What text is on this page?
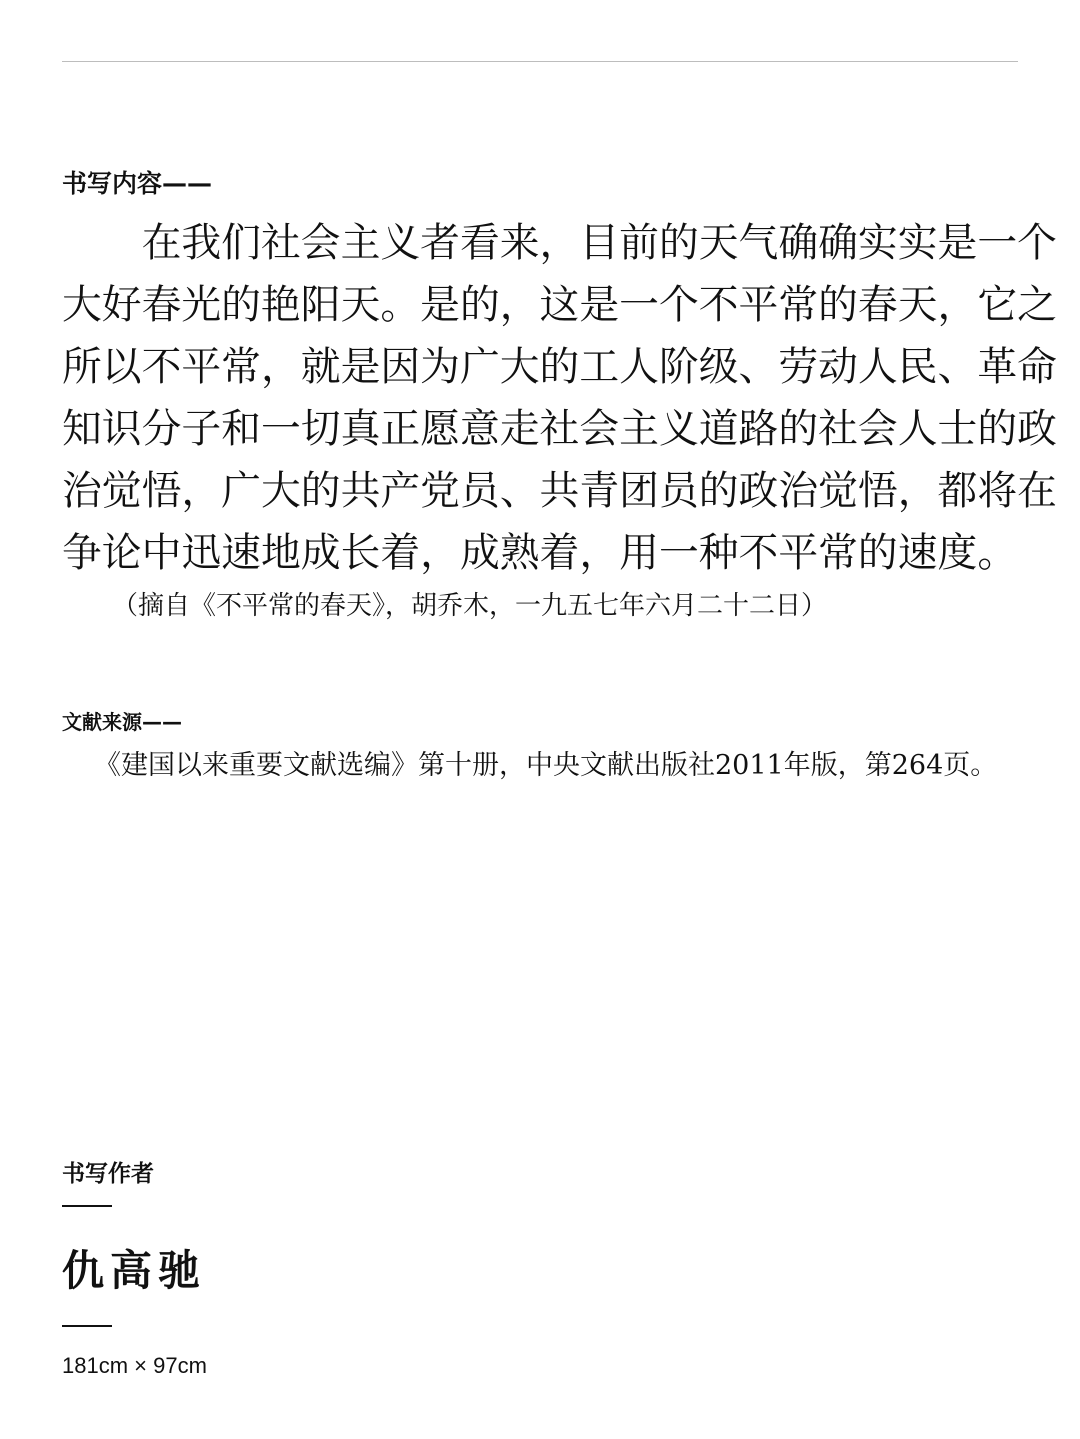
书写内容——
　　在我们社会主义者看来，目前的天气确确实实是一个
大好春光的艳阳天。是的，这是一个不平常的春天，它之
所以不平常，就是因为广大的工人阶级、劳动人民、革命
知识分子和一切真正愿意走社会主义道路的社会人士的政
治觉悟，广大的共产党员、共青团员的政治觉悟，都将在
争论中迅速地成长着，成熟着，用一种不平常的速度。
（摘自《不平常的春天》，胡乔木，一九五七年六月二十二日）
文献来源——
《建国以来重要文献选编》第十册，中央文献出版社2011年版，第264页。
书写作者
仇高驰
181cm × 97cm
